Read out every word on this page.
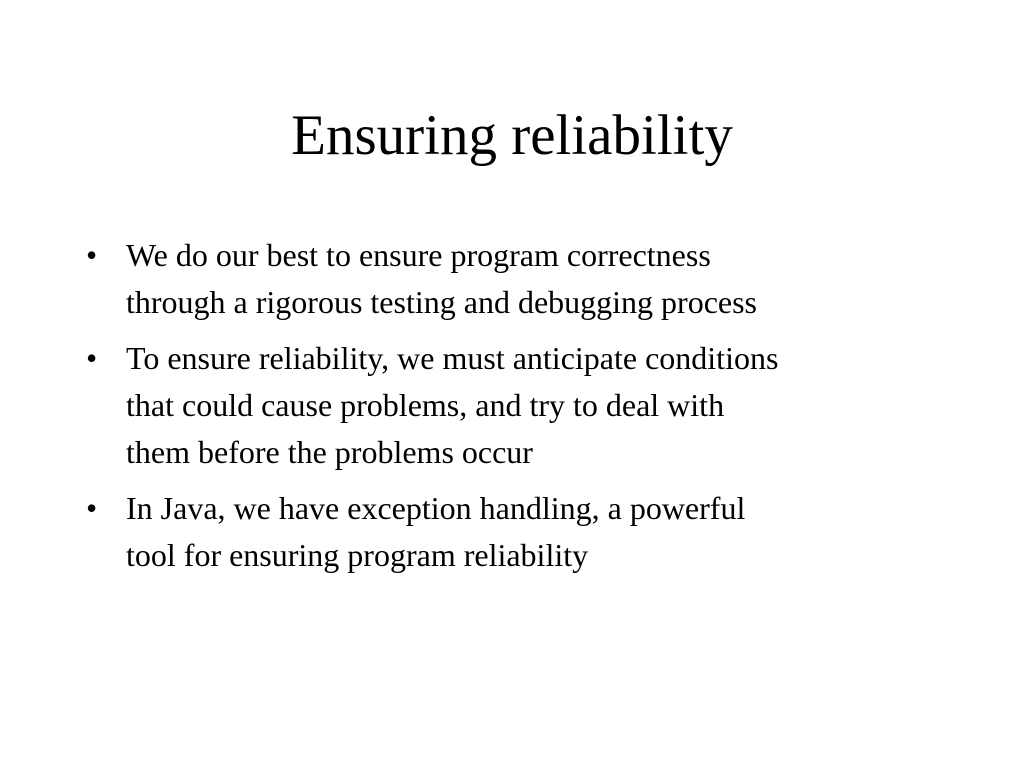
Ensuring reliability
• We do our best to ensure program correctness
through a rigorous testing and debugging process
• To ensure reliability, we must anticipate conditions
that could cause problems, and try to deal with
them before the problems occur
• In Java, we have exception handling, a powerful
tool for ensuring program reliability
